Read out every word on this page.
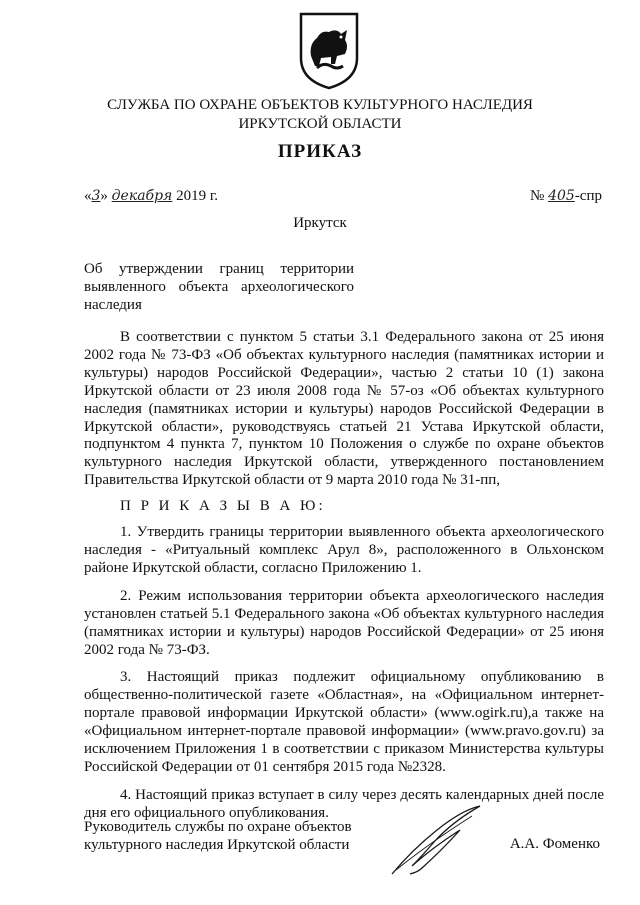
СЛУЖБА ПО ОХРАНЕ ОБЪЕКТОВ КУЛЬТУРНОГО НАСЛЕДИЯ
ИРКУТСКОЙ ОБЛАСТИ
ПРИКАЗ
«3» декабря 2019 г.	№ 405-спр
Иркутск
Об утверждении границ территории выявленного объекта археологического наследия

В соответствии с пунктом 5 статьи 3.1 Федерального закона от 25 июня 2002 года № 73-ФЗ «Об объектах культурного наследия (памятниках истории и культуры) народов Российской Федерации», частью 2 статьи 10 (1) закона Иркутской области от 23 июля 2008 года № 57-оз «Об объектах культурного наследия (памятниках истории и культуры) народов Российской Федерации в Иркутской области», руководствуясь статьей 21 Устава Иркутской области, подпунктом 4 пункта 7, пунктом 10 Положения о службе по охране объектов культурного наследия Иркутской области, утвержденного постановлением Правительства Иркутской области от 9 марта 2010 года № 31-пп,

П Р И К А З Ы В А Ю:

1. Утвердить границы территории выявленного объекта археологического наследия - «Ритуальный комплекс Арул 8», расположенного в Ольхонском районе Иркутской области, согласно Приложению 1.

2. Режим использования территории объекта археологического наследия установлен статьей 5.1 Федерального закона «Об объектах культурного наследия (памятниках истории и культуры) народов Российской Федерации» от 25 июня 2002 года № 73-ФЗ.

3. Настоящий приказ подлежит официальному опубликованию в общественно-политической газете «Областная», на «Официальном интернет-портале правовой информации Иркутской области» (www.ogirk.ru),а также на «Официальном интернет-портале правовой информации» (www.pravo.gov.ru) за исключением Приложения 1 в соответствии с приказом Министерства культуры Российской Федерации от 01 сентября 2015 года №2328.

4. Настоящий приказ вступает в силу через десять календарных дней после дня его официального опубликования.

Руководитель службы по охране объектов
культурного наследия Иркутской области	А.А. Фоменко
